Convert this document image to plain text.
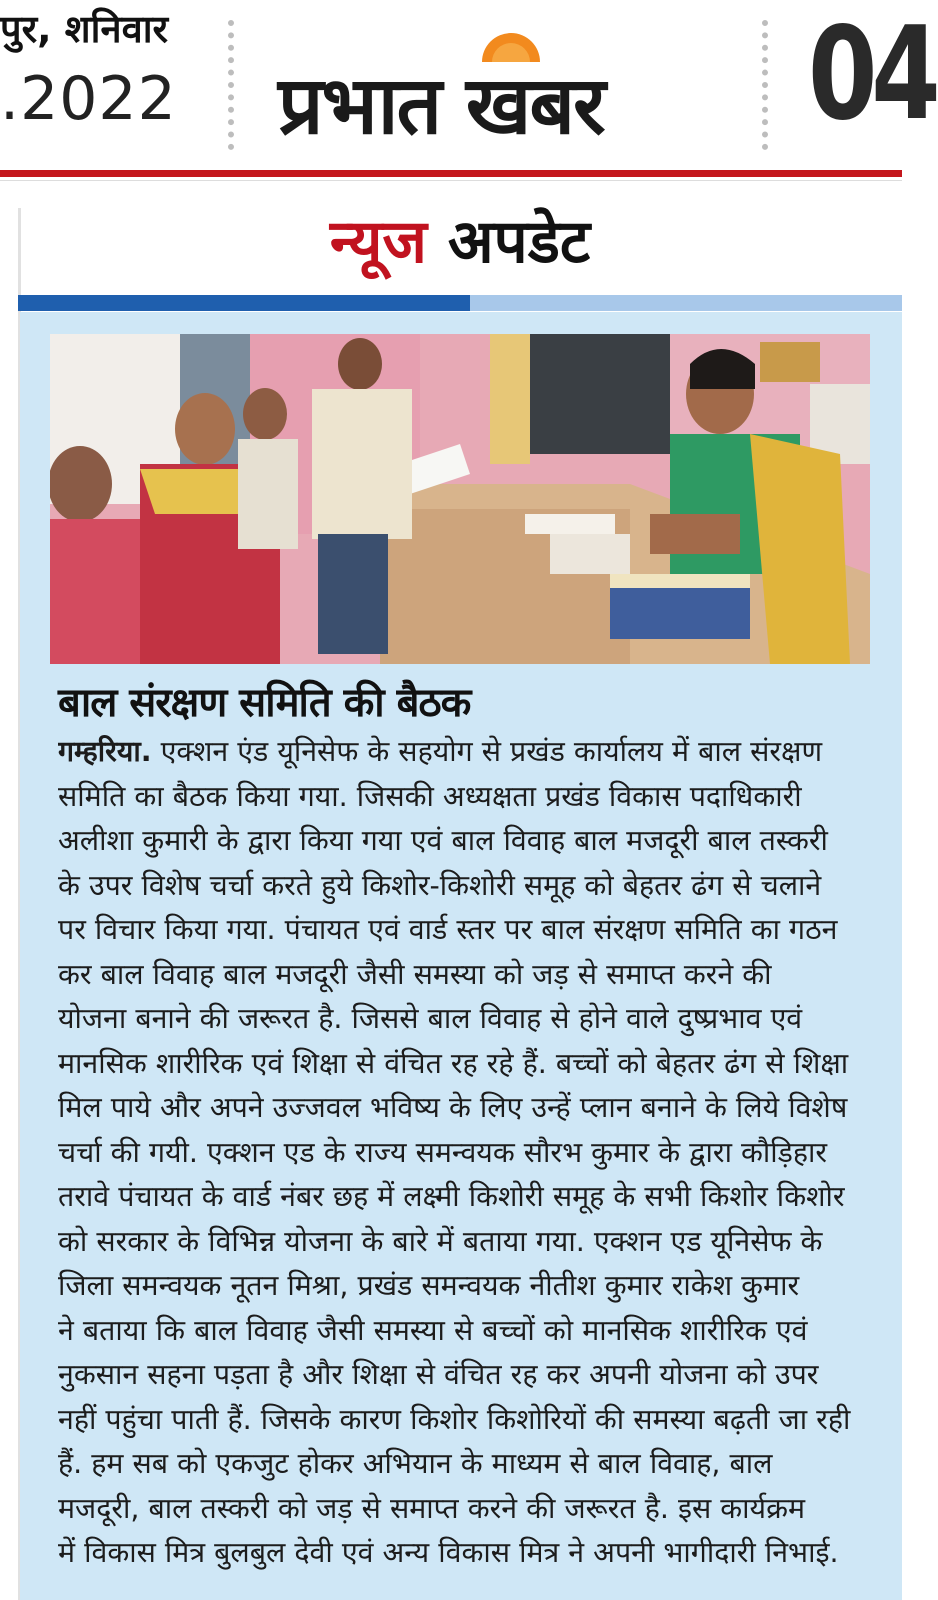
पुर, शनिवार
.2022 प्रभात खबर 04
न्यूज अपडेट
बाल संरक्षण समिति की बैठक
गम्हरिया. एक्शन एंड यूनिसेफ के सहयोग से प्रखंड कार्यालय में बाल संरक्षण
समिति का बैठक किया गया. जिसकी अध्यक्षता प्रखंड विकास पदाधिकारी
अलीशा कुमारी के द्वारा किया गया एवं बाल विवाह बाल मजदूरी बाल तस्करी
के उपर विशेष चर्चा करते हुये किशोर-किशोरी समूह को बेहतर ढंग से चलाने
पर विचार किया गया. पंचायत एवं वार्ड स्तर पर बाल संरक्षण समिति का गठन
कर बाल विवाह बाल मजदूरी जैसी समस्या को जड़ से समाप्त करने की
योजना बनाने की जरूरत है. जिससे बाल विवाह से होने वाले दुष्प्रभाव एवं
मानसिक शारीरिक एवं शिक्षा से वंचित रह रहे हैं. बच्चों को बेहतर ढंग से शिक्षा
मिल पाये और अपने उज्जवल भविष्य के लिए उन्हें प्लान बनाने के लिये विशेष
चर्चा की गयी. एक्शन एड के राज्य समन्वयक सौरभ कुमार के द्वारा कौड़िहार
तरावे पंचायत के वार्ड नंबर छह में लक्ष्मी किशोरी समूह के सभी किशोर किशोर
को सरकार के विभिन्न योजना के बारे में बताया गया. एक्शन एड यूनिसेफ के
जिला समन्वयक नूतन मिश्रा, प्रखंड समन्वयक नीतीश कुमार राकेश कुमार
ने बताया कि बाल विवाह जैसी समस्या से बच्चों को मानसिक शारीरिक एवं
नुकसान सहना पड़ता है और शिक्षा से वंचित रह कर अपनी योजना को उपर
नहीं पहुंचा पाती हैं. जिसके कारण किशोर किशोरियों की समस्या बढ़ती जा रही
हैं. हम सब को एकजुट होकर अभियान के माध्यम से बाल विवाह, बाल
मजदूरी, बाल तस्करी को जड़ से समाप्त करने की जरूरत है. इस कार्यक्रम
में विकास मित्र बुलबुल देवी एवं अन्य विकास मित्र ने अपनी भागीदारी निभाई.
